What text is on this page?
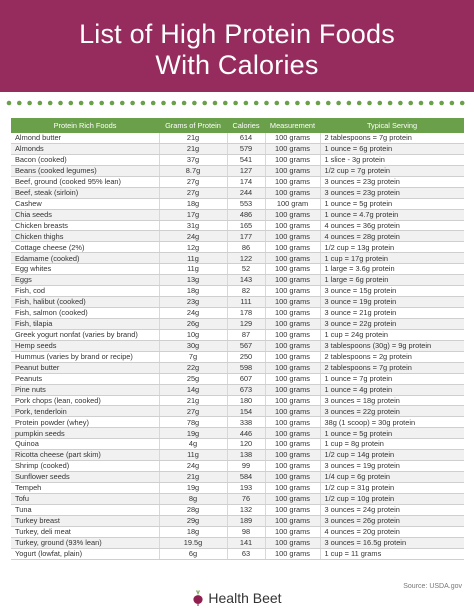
List of High Protein Foods
With Calories
Protein Rich Foods	Grams of Protein	Calories	Measurement	Typical Serving
Almond butter	21g	614	100 grams	2 tablespoons = 7g protein
Almonds	21g	579	100 grams	1 ounce = 6g protein
Bacon (cooked)	37g	541	100 grams	1 slice - 3g protein
Beans (cooked legumes)	8.7g	127	100 grams	1/2 cup = 7g protein
Beef, ground (cooked 95% lean)	27g	174	100 grams	3 ounces = 23g protein
Beef, steak (sirloin)	27g	244	100 grams	3 ounces = 23g protein
Cashew	18g	553	100 gram	1 ounce = 5g protein
Chia seeds	17g	486	100 grams	1 ounce = 4.7g protein
Chicken breasts	31g	165	100 grams	4 ounces = 36g protein
Chicken thighs	24g	177	100 grams	4 ounces = 28g protein
Cottage cheese (2%)	12g	86	100 grams	1/2 cup = 13g protein
Edamame (cooked)	11g	122	100 grams	1 cup = 17g protein
Egg whites	11g	52	100 grams	1 large = 3.6g protein
Eggs	13g	143	100 grams	1 large = 6g protein
Fish, cod	18g	82	100 grams	3 ounce = 15g protein
Fish, halibut (cooked)	23g	111	100 grams	3 ounce = 19g protein
Fish, salmon (cooked)	24g	178	100 grams	3 ounce = 21g protein
Fish, tilapia	26g	129	100 grams	3 ounce = 22g protein
Greek yogurt nonfat (varies by brand)	10g	87	100 grams	1 cup = 24g protein
Hemp seeds	30g	567	100 grams	3 tablespoons (30g) = 9g protein
Hummus (varies by brand or recipe)	7g	250	100 grams	2 tablespoons = 2g protein
Peanut butter	22g	598	100 grams	2 tablespoons = 7g protein
Peanuts	25g	607	100 grams	1 ounce = 7g protein
Pine nuts	14g	673	100 grams	1 ounce = 4g protein
Pork chops (lean, cooked)	21g	180	100 grams	3 ounces = 18g protein
Pork, tenderloin	27g	154	100 grams	3 ounces = 22g protein
Protein powder (whey)	78g	338	100 grams	38g (1 scoop) = 30g protein
pumpkin seeds	19g	446	100 grams	1 ounce = 5g protein
Quinoa	4g	120	100 grams	1 cup = 8g protein
Ricotta cheese (part skim)	11g	138	100 grams	1/2 cup = 14g protein
Shrimp (cooked)	24g	99	100 grams	3 ounces = 19g protein
Sunflower seeds	21g	584	100 grams	1/4 cup = 6g protein
Tempeh	19g	193	100 grams	1/2 cup = 31g protein
Tofu	8g	76	100 grams	1/2 cup = 10g protein
Tuna	28g	132	100 grams	3 ounces = 24g protein
Turkey breast	29g	189	100 grams	3 ounces = 26g protein
Turkey, deli meat	18g	98	100 grams	4 ounces = 20g protein
Turkey, ground (93% lean)	19.5g	141	100 grams	3 ounces = 16.5g protein
Yogurt (lowfat, plain)	6g	63	100 grams	1 cup = 11 grams
Source: USDA.gov
Health Beet
